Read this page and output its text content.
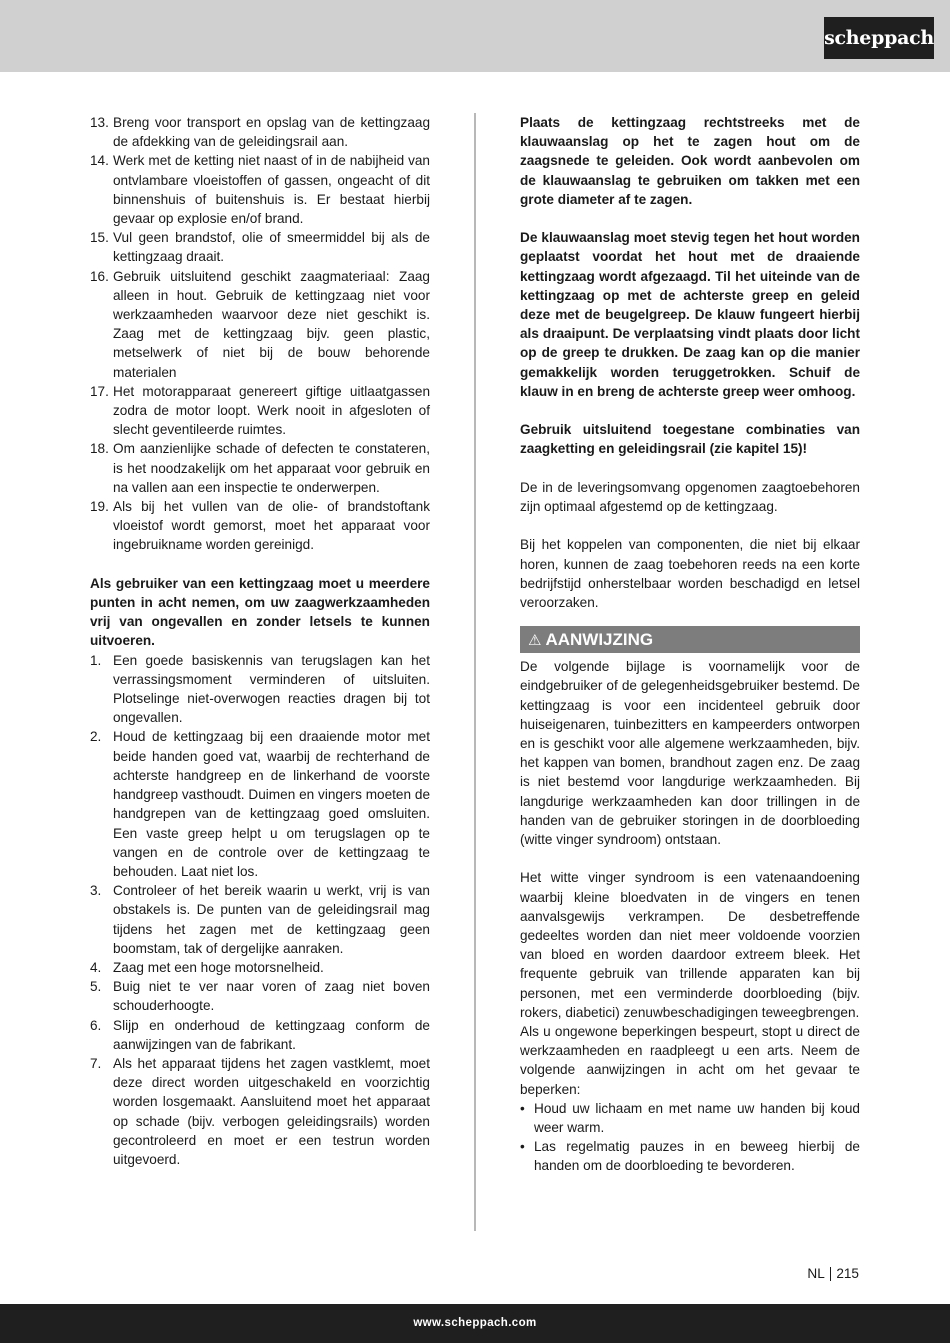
scheppach
13. Breng voor transport en opslag van de kettingzaag de afdekking van de geleidingsrail aan.
14. Werk met de ketting niet naast of in de nabijheid van ontvlambare vloeistoffen of gassen, ongeacht of dit binnenshuis of buitenshuis is. Er bestaat hierbij gevaar op explosie en/of brand.
15. Vul geen brandstof, olie of smeermiddel bij als de kettingzaag draait.
16. Gebruik uitsluitend geschikt zaagmateriaal: Zaag alleen in hout. Gebruik de kettingzaag niet voor werkzaamheden waarvoor deze niet geschikt is. Zaag met de kettingzaag bijv. geen plastic, metselwerk of niet bij de bouw behorende materialen
17. Het motorapparaat genereert giftige uitlaatgassen zodra de motor loopt. Werk nooit in afgesloten of slecht geventileerde ruimtes.
18. Om aanzienlijke schade of defecten te constateren, is het noodzakelijk om het apparaat voor gebruik en na vallen aan een inspectie te onderwerpen.
19. Als bij het vullen van de olie- of brandstoftank vloeistof wordt gemorst, moet het apparaat voor ingebruikname worden gereinigd.

Als gebruiker van een kettingzaag moet u meerdere punten in acht nemen, om uw zaagwerkzaamheden vrij van ongevallen en zonder letsels te kunnen uitvoeren.

1. Een goede basiskennis van terugslagen kan het verrassingsmoment verminderen of uitsluiten. Plotselinge niet-overwogen reacties dragen bij tot ongevallen.
2. Houd de kettingzaag bij een draaiende motor met beide handen goed vat, waarbij de rechterhand de achterste handgreep en de linkerhand de voorste handgreep vasthoudt. Duimen en vingers moeten de handgrepen van de kettingzaag goed omsluiten. Een vaste greep helpt u om terugslagen op te vangen en de controle over de kettingzaag te behouden. Laat niet los.
3. Controleer of het bereik waarin u werkt, vrij is van obstakels is. De punten van de geleidingsrail mag tijdens het zagen met de kettingzaag geen boomstam, tak of dergelijke aanraken.
4. Zaag met een hoge motorsnelheid.
5. Buig niet te ver naar voren of zaag niet boven schouderhoogte.
6. Slijp en onderhoud de kettingzaag conform de aanwijzingen van de fabrikant.
7. Als het apparaat tijdens het zagen vastklemt, moet deze direct worden uitgeschakeld en voorzichtig worden losgemaakt. Aansluitend moet het apparaat op schade (bijv. verbogen geleidingsrails) worden gecontroleerd en moet er een testrun worden uitgevoerd.

Plaats de kettingzaag rechtstreeks met de klauwaanslag op het te zagen hout om de zaagsnede te geleiden. Ook wordt aanbevolen om de klauwaanslag te gebruiken om takken met een grote diameter af te zagen.

De klauwaanslag moet stevig tegen het hout worden geplaatst voordat het hout met de draaiende kettingzaag wordt afgezaagd. Til het uiteinde van de kettingzaag op met de achterste greep en geleid deze met de beugelgreep. De klauw fungeert hierbij als draaipunt. De verplaatsing vindt plaats door licht op de greep te drukken. De zaag kan op die manier gemakkelijk worden teruggetrokken. Schuif de klauw in en breng de achterste greep weer omhoog.

Gebruik uitsluitend toegestane combinaties van zaagketting en geleidingsrail (zie kapitel 15)!

De in de leveringsomvang opgenomen zaagtoebehoren zijn optimaal afgestemd op de kettingzaag.

Bij het koppelen van componenten, die niet bij elkaar horen, kunnen de zaag toebehoren reeds na een korte bedrijfstijd onherstelbaar worden beschadigd en letsel veroorzaken.

⚠ AANWIJZING

De volgende bijlage is voornamelijk voor de eindgebruiker of de gelegenheidsgebruiker bestemd. De kettingzaag is voor een incidenteel gebruik door huiseigenaren, tuinbezitters en kampeerders ontworpen en is geschikt voor alle algemene werkzaamheden, bijv. het kappen van bomen, brandhout zagen enz. De zaag is niet bestemd voor langdurige werkzaamheden. Bij langdurige werkzaamheden kan door trillingen in de handen van de gebruiker storingen in de doorbloeding (witte vinger syndroom) ontstaan.

Het witte vinger syndroom is een vatenaandoening waarbij kleine bloedvaten in de vingers en tenen aanvalsgewijs verkrampen. De desbetreffende gedeeltes worden dan niet meer voldoende voorzien van bloed en worden daardoor extreem bleek. Het frequente gebruik van trillende apparaten kan bij personen, met een verminderde doorbloeding (bijv. rokers, diabetici) zenuwbeschadigingen teweegbrengen.

Als u ongewone beperkingen bespeurt, stopt u direct de werkzaamheden en raadpleegt u een arts. Neem de volgende aanwijzingen in acht om het gevaar te beperken:

• Houd uw lichaam en met name uw handen bij koud weer warm.
• Las regelmatig pauzes in en beweeg hierbij de handen om de doorbloeding te bevorderen.
NL 215
www.scheppach.com
